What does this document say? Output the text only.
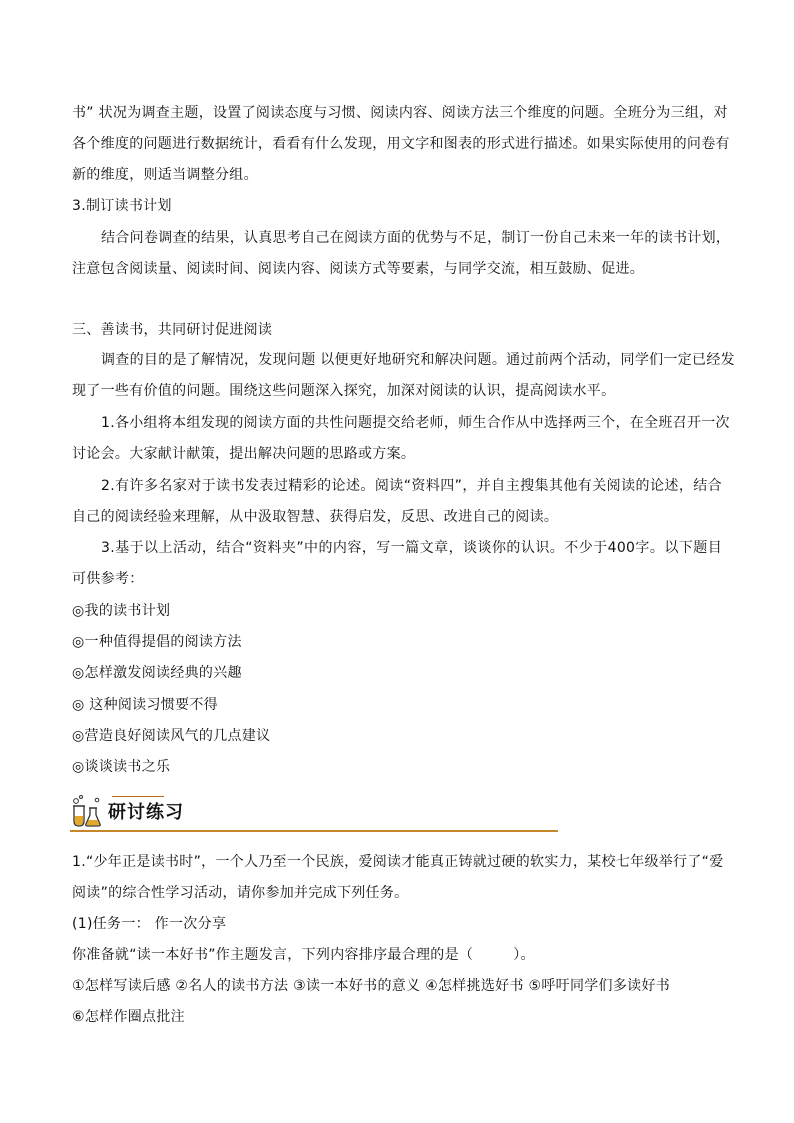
书” 状况为调查主题，设置了阅读态度与习惯、阅读内容、阅读方法三个维度的问题。全班分为三组，对
各个维度的问题进行数据统计，看看有什么发现，用文字和图表的形式进行描述。如果实际使用的问卷有
新的维度，则适当调整分组。
3.制订读书计划
结合问卷调查的结果，认真思考自己在阅读方面的优势与不足，制订一份自己未来一年的读书计划，
注意包含阅读量、阅读时间、阅读内容、阅读方式等要素，与同学交流，相互鼓励、促进。
三、善读书，共同研讨促进阅读
调查的目的是了解情况，发现问题 以便更好地研究和解决问题。通过前两个活动，同学们一定已经发
现了一些有价值的问题。围绕这些问题深入探究，加深对阅读的认识，提高阅读水平。
1.各小组将本组发现的阅读方面的共性问题提交给老师，师生合作从中选择两三个，在全班召开一次
讨论会。大家献计献策，提出解决问题的思路或方案。
2.有许多名家对于读书发表过精彩的论述。阅读“资料四”，并自主搜集其他有关阅读的论述，结合
自己的阅读经验来理解，从中汲取智慧、获得启发，反思、改进自己的阅读。
3.基于以上活动，结合“资料夹”中的内容，写一篇文章，谈谈你的认识。不少于400字。以下题目
可供参考：
◎我的读书计划
◎一种值得提倡的阅读方法
◎怎样激发阅读经典的兴趣
◎ 这种阅读习惯要不得
◎营造良好阅读风气的几点建议
◎谈谈读书之乐
研讨练习
1.“少年正是读书时”，一个人乃至一个民族，爱阅读才能真正铸就过硬的软实力，某校七年级举行了“爱
阅读”的综合性学习活动，请你参加并完成下列任务。
(1)任务一： 作一次分享
你准备就“读一本好书”作主题发言，下列内容排序最合理的是（	）。
①怎样写读后感 ②名人的读书方法 ③读一本好书的意义 ④怎样挑选好书 ⑤呼吁同学们多读好书
⑥怎样作圈点批注
